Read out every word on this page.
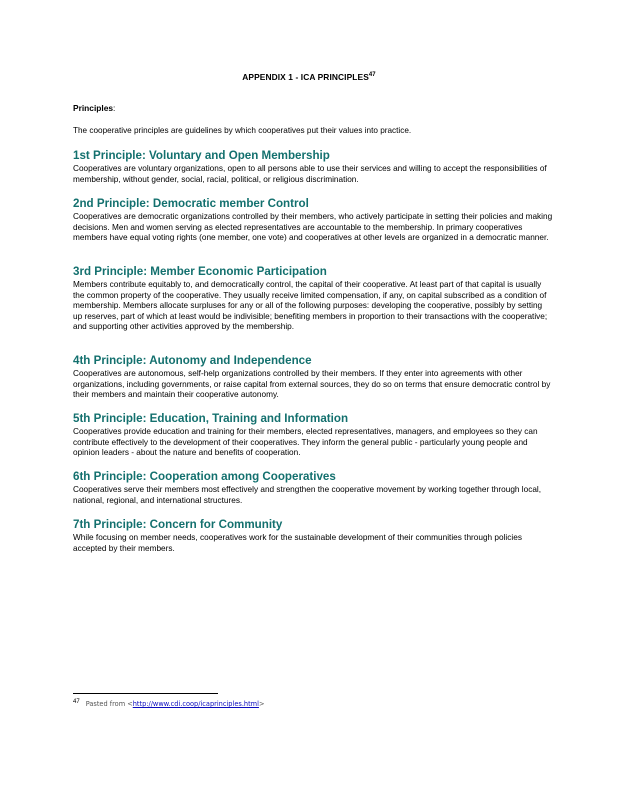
APPENDIX 1 - ICA PRINCIPLES$^{47}$
Principles:
The cooperative principles are guidelines by which cooperatives put their values into practice.
1st Principle: Voluntary and Open Membership

Cooperatives are voluntary organizations, open to all persons able to use their services and willing to accept the responsibilities of membership, without gender, social, racial, political, or religious discrimination.

2nd Principle: Democratic member Control

Cooperatives are democratic organizations controlled by their members, who actively participate in setting their policies and making decisions. Men and women serving as elected representatives are accountable to the membership. In primary cooperatives members have equal voting rights (one member, one vote) and cooperatives at other levels are organized in a democratic manner.

3rd Principle: Member Economic Participation

Members contribute equitably to, and democratically control, the capital of their cooperative. At least part of that capital is usually the common property of the cooperative. They usually receive limited compensation, if any, on capital subscribed as a condition of membership. Members allocate surpluses for any or all of the following purposes: developing the cooperative, possibly by setting up reserves, part of which at least would be indivisible; benefiting members in proportion to their transactions with the cooperative; and supporting other activities approved by the membership.

4th Principle: Autonomy and Independence

Cooperatives are autonomous, self-help organizations controlled by their members. If they enter into agreements with other organizations, including governments, or raise capital from external sources, they do so on terms that ensure democratic control by their members and maintain their cooperative autonomy.

5th Principle: Education, Training and Information

Cooperatives provide education and training for their members, elected representatives, managers, and employees so they can contribute effectively to the development of their cooperatives. They inform the general public - particularly young people and opinion leaders - about the nature and benefits of cooperation.

6th Principle: Cooperation among Cooperatives

Cooperatives serve their members most effectively and strengthen the cooperative movement by working together through local, national, regional, and international structures.

7th Principle: Concern for Community

While focusing on member needs, cooperatives work for the sustainable development of their communities through policies accepted by their members.

47 Pasted from <http://www.cdi.coop/icaprinciples.html>
